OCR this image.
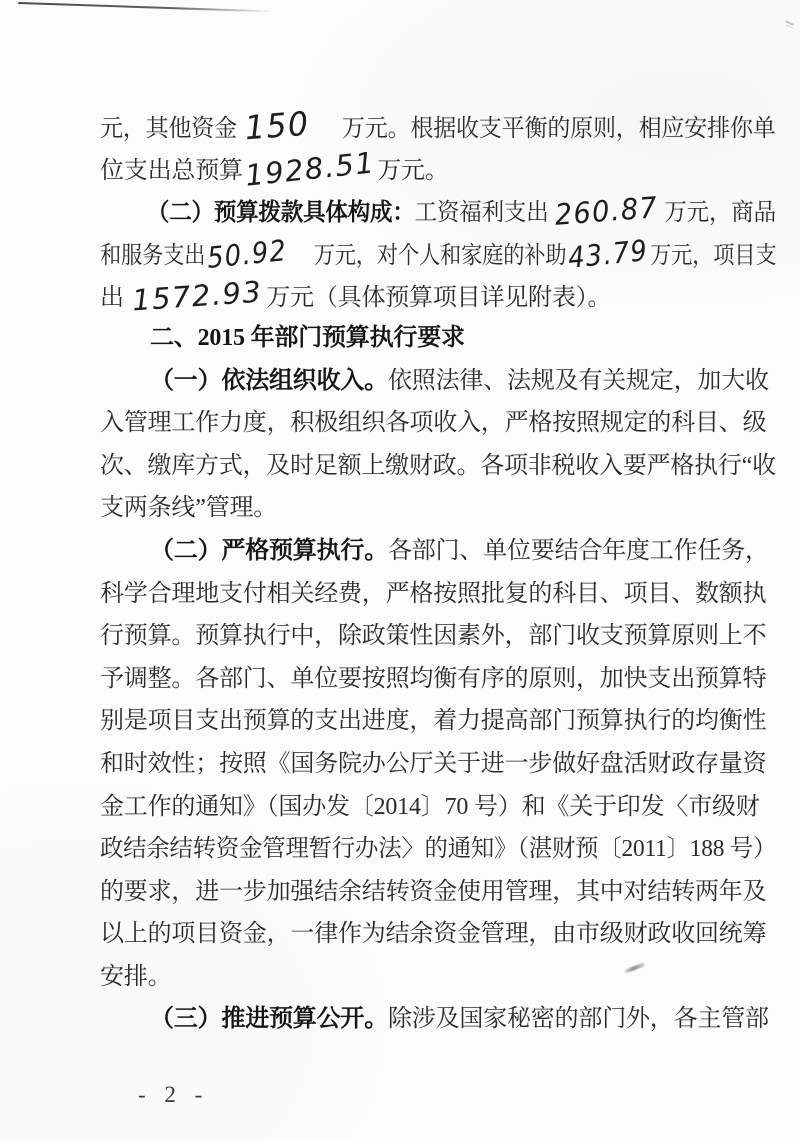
元，其他资金 150 万元。根据收支平衡的原则，相应安排你单
位支出总预算1928.51万元。
（二）预算拨款具体构成：工资福利支出 260.87 万元，商品
和服务支出50.92 万元，对个人和家庭的补助43.79万元，项目支
出 1572.93 万元（具体预算项目详见附表）。
二、2015 年部门预算执行要求
（一）依法组织收入。依照法律、法规及有关规定，加大收
入管理工作力度，积极组织各项收入，严格按照规定的科目、级
次、缴库方式，及时足额上缴财政。各项非税收入要严格执行“收
支两条线”管理。
（二）严格预算执行。各部门、单位要结合年度工作任务，
科学合理地支付相关经费，严格按照批复的科目、项目、数额执
行预算。预算执行中，除政策性因素外，部门收支预算原则上不
予调整。各部门、单位要按照均衡有序的原则，加快支出预算特
别是项目支出预算的支出进度，着力提高部门预算执行的均衡性
和时效性；按照《国务院办公厅关于进一步做好盘活财政存量资
金工作的通知》（国办发〔2014〕70 号）和《关于印发〈市级财
政结余结转资金管理暂行办法〉的通知》（湛财预〔2011〕188 号）
的要求，进一步加强结余结转资金使用管理，其中对结转两年及
以上的项目资金，一律作为结余资金管理，由市级财政收回统筹
安排。
（三）推进预算公开。除涉及国家秘密的部门外，各主管部
- 2 -
